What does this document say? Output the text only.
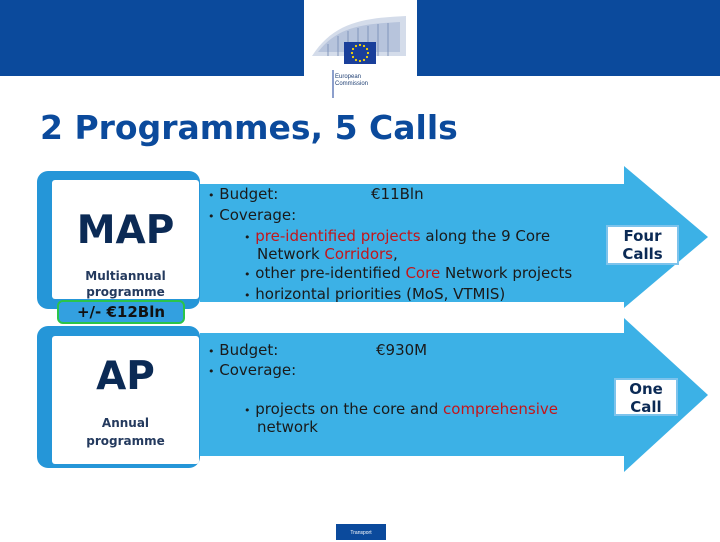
European Commission
2 Programmes, 5 Calls
MAP
Multiannual
programme
+/- €12Bln
AP
Annual
programme
• Budget:	€11Bln
• Coverage:
• pre-identified projects along the 9 Core
Network Corridors,
• other pre-identified Core Network projects
• horizontal priorities (MoS, VTMIS)
• Budget:	€930M
• Coverage:
• projects on the core and comprehensive
network
Four
Calls
One
Call
Transport
